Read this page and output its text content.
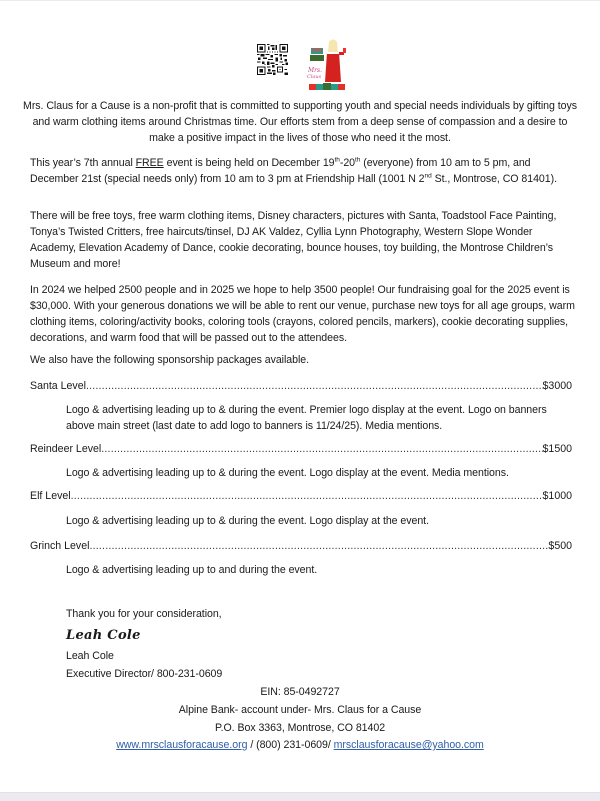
Mrs.
Claus

Mrs. Claus for a Cause is a non-profit that is committed to supporting youth and special needs individuals by gifting toys and warm clothing items around Christmas time. Our efforts stem from a deep sense of compassion and a desire to make a positive impact in the lives of those who need it the most.

This year’s 7th annual FREE event is being held on December 19th-20th (everyone) from 10 am to 5 pm, and December 21st (special needs only) from 10 am to 3 pm at Friendship Hall (1001 N 2nd St., Montrose, CO 81401).

There will be free toys, free warm clothing items, Disney characters, pictures with Santa, Toadstool Face Painting, Tonya’s Twisted Critters, free haircuts/tinsel, DJ AK Valdez, Cyllia Lynn Photography, Western Slope Wonder Academy, Elevation Academy of Dance, cookie decorating, bounce houses, toy building, the Montrose Children’s Museum and more!

In 2024 we helped 2500 people and in 2025 we hope to help 3500 people! Our fundraising goal for the 2025 event is $30,000. With your generous donations we will be able to rent our venue, purchase new toys for all age groups, warm clothing items, coloring/activity books, coloring tools (crayons, colored pencils, markers), cookie decorating supplies, decorations, and warm food that will be passed out to the attendees.

We also have the following sponsorship packages available.

Santa Level .....	$3000

Logo & advertising leading up to & during the event. Premier logo display at the event. Logo on banners above main street (last date to add logo to banners is 11/24/25). Media mentions.

Reindeer Level .....	$1500

Logo & advertising leading up to & during the event. Logo display at the event. Media mentions.

Elf Level .....	$1000

Logo & advertising leading up to & during the event. Logo display at the event.

Grinch Level .....	$500

Logo & advertising leading up to and during the event.

Thank you for your consideration,

Leah Cole

Leah Cole

Executive Director/ 800-231-0609

EIN: 85-0492727

Alpine Bank- account under- Mrs. Claus for a Cause

P.O. Box 3363, Montrose, CO 81402

www.mrsclausforacause.org / (800) 231-0609/ mrsclausforacause@yahoo.com
